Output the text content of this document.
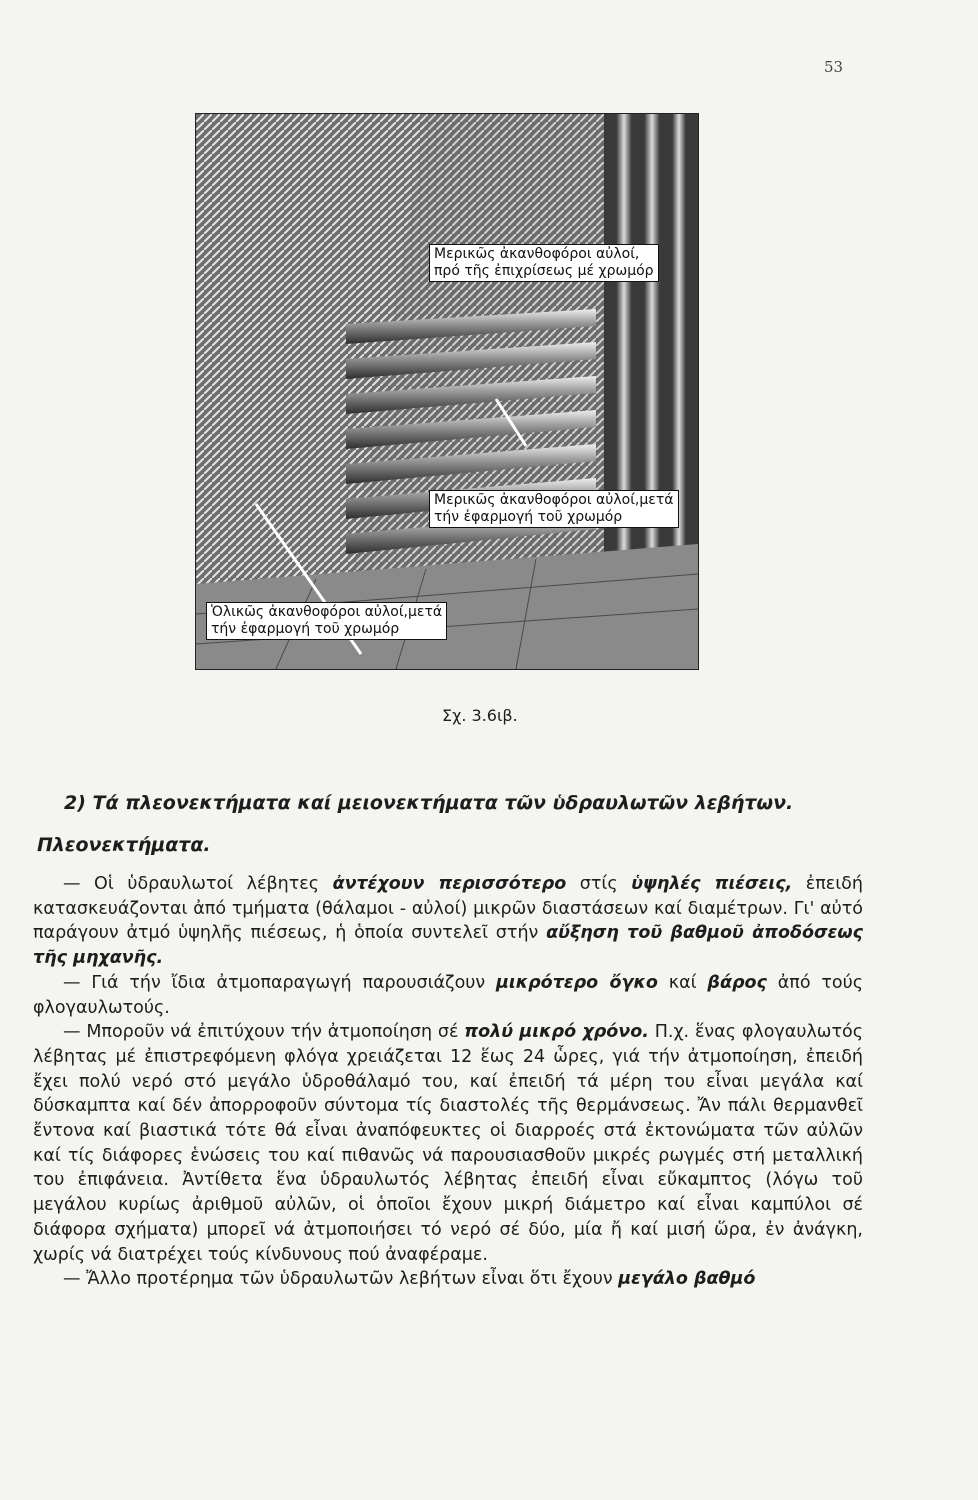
53
Μερικῶς ἀκανθοφόροι αὐλοί,
πρό τῆς ἐπιχρίσεως μέ χρωμόρ
Μερικῶς ἀκανθοφόροι αὐλοί,μετά
τήν ἐφαρμογή τοῦ χρωμόρ
Ὁλικῶς ἀκανθοφόροι αὐλοί,μετά
τήν ἐφαρμογή τοῦ χρωμόρ
Σχ. 3.6ιβ.
2) Τά πλεονεκτήματα καί μειονεκτήματα τῶν ὑδραυλωτῶν λεβήτων.
Πλεονεκτήματα.

— Οἱ ὑδραυλωτοί λέβητες ἀντέχουν περισσότερο στίς ὑψηλές πιέσεις, ἐπειδή κατασκευάζονται ἀπό τμήματα (θάλαμοι - αὐλοί) μικρῶν διαστάσεων καί διαμέτρων. Γι' αὐτό παράγουν ἀτμό ὑψηλῆς πιέσεως, ἡ ὁποία συντελεῖ στήν αὔξηση τοῦ βαθμοῦ ἀποδόσεως τῆς μηχανῆς.

— Γιά τήν ἴδια ἀτμοπαραγωγή παρουσιάζουν μικρότερο ὄγκο καί βάρος ἀπό τούς φλογαυλωτούς.

— Μποροῦν νά ἐπιτύχουν τήν ἀτμοποίηση σέ πολύ μικρό χρόνο. Π.χ. ἕνας φλογαυλωτός λέβητας μέ ἐπιστρεφόμενη φλόγα χρειάζεται 12 ἕως 24 ὧρες, γιά τήν ἀτμοποίηση, ἐπειδή ἔχει πολύ νερό στό μεγάλο ὑδροθάλαμό του, καί ἐπειδή τά μέρη του εἶναι μεγάλα καί δύσκαμπτα καί δέν ἀπορροφοῦν σύντομα τίς διαστολές τῆς θερμάνσεως. Ἄν πάλι θερμανθεῖ ἔντονα καί βιαστικά τότε θά εἶναι ἀναπόφευκτες οἱ διαρροές στά ἐκτονώματα τῶν αὐλῶν καί τίς διάφορες ἑνώσεις του καί πιθανῶς νά παρουσιασθοῦν μικρές ρωγμές στή μεταλλική του ἐπιφάνεια. Ἀντίθετα ἕνα ὑδραυλωτός λέβητας ἐπειδή εἶναι εὔκαμπτος (λόγω τοῦ μεγάλου κυρίως ἀριθμοῦ αὐλῶν, οἱ ὁποῖοι ἔχουν μικρή διάμετρο καί εἶναι καμπύλοι σέ διάφορα σχήματα) μπορεῖ νά ἀτμοποιήσει τό νερό σέ δύο, μία ἤ καί μισή ὥρα, ἐν ἀνάγκη, χωρίς νά διατρέχει τούς κίνδυνους πού ἀναφέραμε.

— Ἄλλο προτέρημα τῶν ὑδραυλωτῶν λεβήτων εἶναι ὅτι ἔχουν μεγάλο βαθμό
